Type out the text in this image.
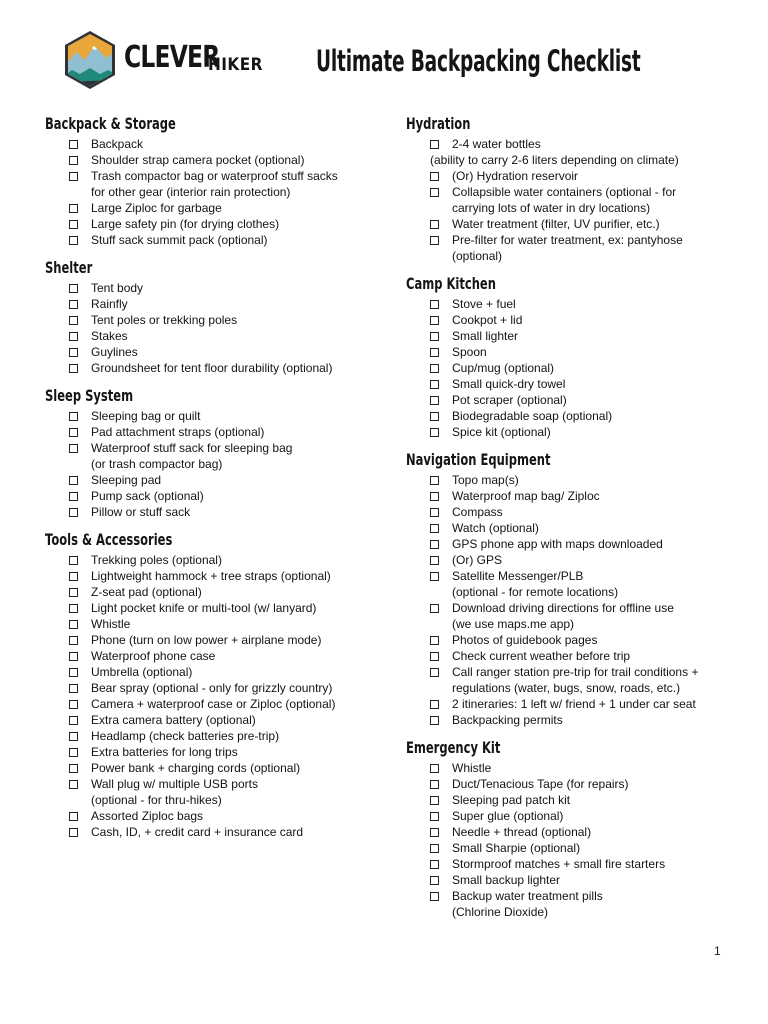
CLEVER
HIKER Ultimate Backpacking Checklist
Backpack & Storage
Backpack
Shoulder strap camera pocket (optional)
Trash compactor bag or waterproof stuff sacks
for other gear (interior rain protection)
Large Ziploc for garbage
Large safety pin (for drying clothes)
Stuff sack summit pack (optional)
Shelter
Tent body
Rainfly
Tent poles or trekking poles
Stakes
Guylines
Groundsheet for tent floor durability (optional)
Sleep System
Sleeping bag or quilt
Pad attachment straps (optional)
Waterproof stuff sack for sleeping bag
(or trash compactor bag)
Sleeping pad
Pump sack (optional)
Pillow or stuff sack
Tools & Accessories
Trekking poles (optional)
Lightweight hammock + tree straps (optional)
Z-seat pad (optional)
Light pocket knife or multi-tool (w/ lanyard)
Whistle
Phone (turn on low power + airplane mode)
Waterproof phone case
Umbrella (optional)
Bear spray (optional - only for grizzly country)
Camera + waterproof case or Ziploc (optional)
Extra camera battery (optional)
Headlamp (check batteries pre-trip)
Extra batteries for long trips
Power bank + charging cords (optional)
Wall plug w/ multiple USB ports
(optional - for thru-hikes)
Assorted Ziploc bags
Cash, ID, + credit card + insurance card
Hydration
2-4 water bottles
(ability to carry 2-6 liters depending on climate)
(Or) Hydration reservoir
Collapsible water containers (optional - for
carrying lots of water in dry locations)
Water treatment (filter, UV purifier, etc.)
Pre-filter for water treatment, ex: pantyhose
(optional)
Camp Kitchen
Stove + fuel
Cookpot + lid
Small lighter
Spoon
Cup/mug (optional)
Small quick-dry towel
Pot scraper (optional)
Biodegradable soap (optional)
Spice kit (optional)
Navigation Equipment
Topo map(s)
Waterproof map bag/ Ziploc
Compass
Watch (optional)
GPS phone app with maps downloaded
(Or) GPS
Satellite Messenger/PLB
(optional - for remote locations)
Download driving directions for offline use
(we use maps.me app)
Photos of guidebook pages
Check current weather before trip
Call ranger station pre-trip for trail conditions +
regulations (water, bugs, snow, roads, etc.)
2 itineraries: 1 left w/ friend + 1 under car seat
Backpacking permits
Emergency Kit
Whistle
Duct/Tenacious Tape (for repairs)
Sleeping pad patch kit
Super glue (optional)
Needle + thread (optional)
Small Sharpie (optional)
Stormproof matches + small fire starters
Small backup lighter
Backup water treatment pills
(Chlorine Dioxide)
1
